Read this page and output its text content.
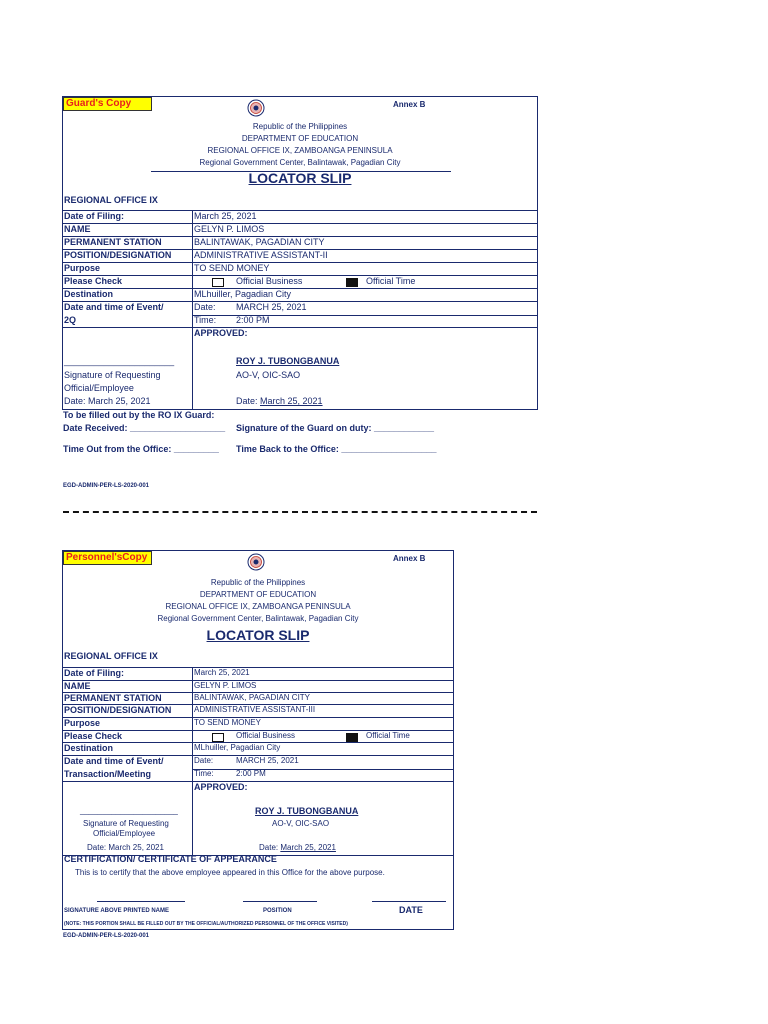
Guard's Copy	Annex B
Republic of the Philippines
DEPARTMENT OF EDUCATION
REGIONAL OFFICE IX, ZAMBOANGA PENINSULA
Regional Government Center, Balintawak, Pagadian City
LOCATOR SLIP
REGIONAL OFFICE IX
Date of Filing:	March 25, 2021
NAME	GELYN P. LIMOS
PERMANENT STATION	BALINTAWAK, PAGADIAN CITY
POSITION/DESIGNATION	ADMINISTRATIVE ASSISTANT-II
Purpose	TO SEND MONEY
Please Check	Official Business	Official Time
Destination	MLhuiller, Pagadian City
Date and time of Event/
2Q
Date: MARCH 25, 2021
Time: 2:00 PM
APPROVED:
______________________	ROY J. TUBONGBANUA
Signature of Requesting	AO-V, OIC-SAO
Official/Employee
Date: March 25, 2021	Date: March 25, 2021
To be filled out by the RO IX Guard:
Date Received: ___________________ Signature of the Guard on duty: ____________
Time Out from the Office: _________ Time Back to the Office: ___________________
EGD-ADMIN-PER-LS-2020-001
Personnel'sCopy	Annex B
Republic of the Philippines
DEPARTMENT OF EDUCATION
REGIONAL OFFICE IX, ZAMBOANGA PENINSULA
Regional Government Center, Balintawak, Pagadian City
LOCATOR SLIP
REGIONAL OFFICE IX
Date of Filing:	March 25, 2021
NAME	GELYN P. LIMOS
PERMANENT STATION	BALINTAWAK, PAGADIAN CITY
POSITION/DESIGNATION	ADMINISTRATIVE ASSISTANT-III
Purpose	TO SEND MONEY
Please Check	Official Business	Official Time
Destination	MLhuiller, Pagadian City
Date and time of Event/
Transaction/Meeting
Date:	MARCH 25, 2021
Time:	2:00 PM
APPROVED:
______________________	ROY J. TUBONGBANUA
Signature of Requesting	AO-V, OIC-SAO
Official/Employee
Date: March 25, 2021	Date: March 25, 2021
CERTIFICATION/ CERTIFICATE OF APPEARANCE
This is to certify that the above employee appeared in this Office for the above purpose.
SIGNATURE ABOVE PRINTED NAME	POSITION	DATE
(NOTE: THIS PORTION SHALL BE FILLED OUT BY THE OFFICIAL/AUTHORIZED PERSONNEL OF THE OFFICE VISITED)
EGD-ADMIN-PER-LS-2020-001
